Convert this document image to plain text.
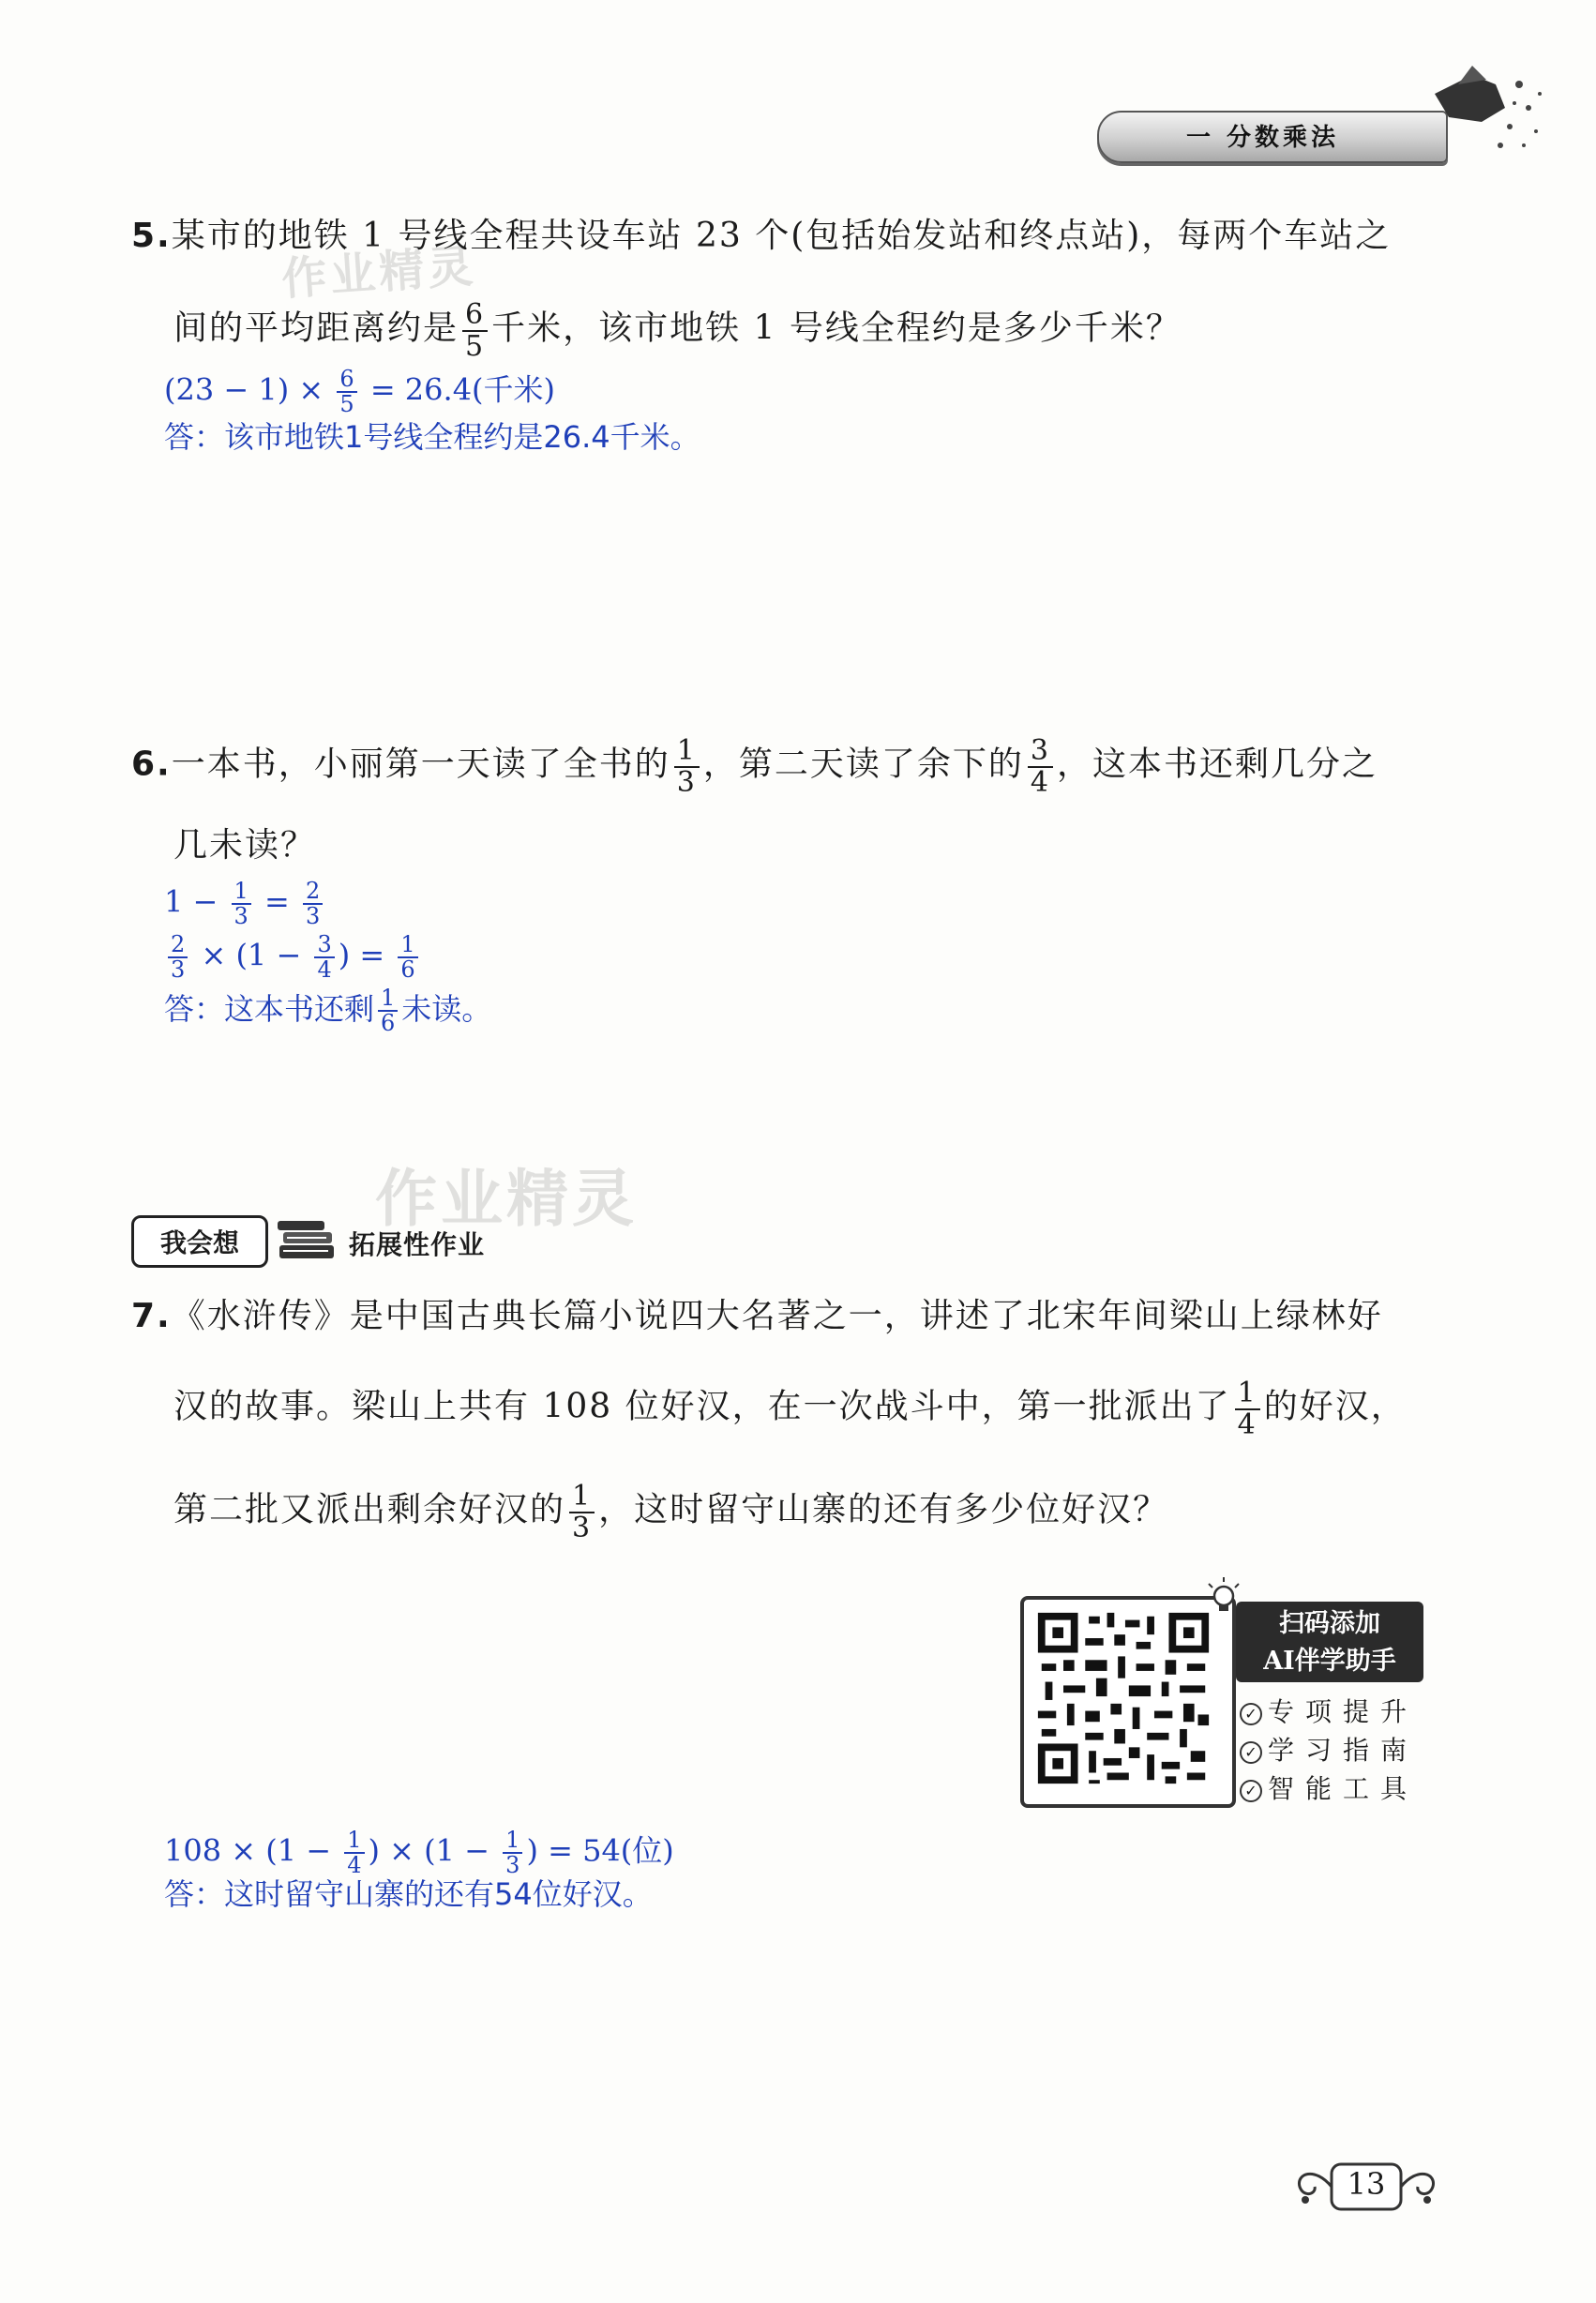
一 分数乘法
作业精灵
作业精灵
5.某市的地铁 1 号线全程共设车站 23 个(包括始发站和终点站)，每两个车站之
间的平均距离约是 $\frac{6}{5}$ 千米，该市地铁 1 号线全程约是多少千米？
$(23 - 1) \times \frac{6}{5} = 26.4$(千米)
答：该市地铁1号线全程约是26.4千米。
6.一本书，小丽第一天读了全书的 $\frac{1}{3}$ ，第二天读了余下的 $\frac{3}{4}$ ，这本书还剩几分之
几未读？
$1 - \frac{1}{3} = \frac{2}{3}$
$\frac{2}{3} \times (1 - \frac{3}{4}$ ) = $\frac{1}{6}$
答：这本书还剩 $\frac{1}{6}$ 未读。
我会想	拓展性作业
7.《水浒传》是中国古典长篇小说四大名著之一，讲述了北宋年间梁山上绿林好
汉的故事。梁山上共有 108 位好汉，在一次战斗中，第一批派出了 $\frac{1}{4}$ 的好汉，
第二批又派出剩余好汉的 $\frac{1}{3}$ ，这时留守山寨的还有多少位好汉？
扫码添加
AI伴学助手
✓ 专项提升
✓ 学习指南
✓ 智能工具
$108 \times (1 - \frac{1}{4}$ ) × ($1 - \frac{1}{3}$ ) = 54(位)
答：这时留守山寨的还有54位好汉。
13
